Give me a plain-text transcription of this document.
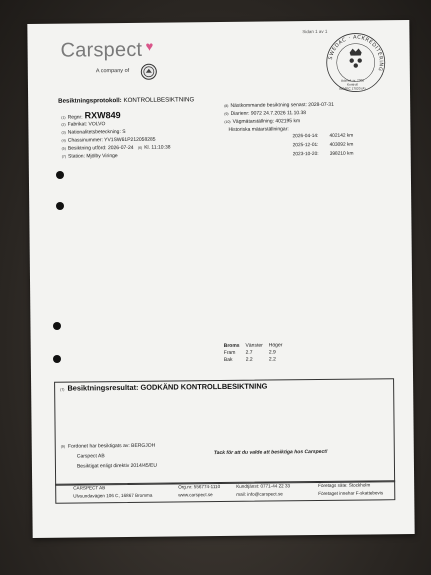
Sidan 1 av 1
Carspect ♥
A company of
SWEDAC · ACKREDITERING
Ackred. nr. 7002
Kontroll
ISO/IEC 17020 (A)
Besiktningsprotokoll: KONTROLLBESIKTNING
(1) Regnr: RXW849
(2) Fabrikat: VOLVO
(3) Nationalitetsbeteckning: S
(4) Chassinummer: YV1SW61P212058285
(5) Besiktning utförd: 2026-07-24 (6) Kl. 11:10:38
(7) Station: Mjölby Viringe
(8) Nästkommande besiktning senast: 2028-07-31
(9) Diarienr: 9072 24.7.2026 11.10.38
(10) Vägmätarställning: 402195 km
Historiska mätarställningar:
2026-04-14: 402142 km
2025-12-01: 403092 km
2023-10-20: 398210 km
Broms	Vänster	Höger
Fram	2.7	2.9
Bak	2.2	2.2
(7) Besiktningsresultat: GODKÄND KONTROLLBESIKTNING
(9) Fordonet har besiktigats av: BERGJOH
Carspect AB
Besiktigat enligt direktiv 2014/45/EU
Tack för att du valde att besiktiga hos Carspect!
CARSPECT AB
Ulvsundavägen 106 C, 16867 Bromma
Org.nr: 556774-1110
www.carspect.se
Kundtjänst: 0771-44 22 33
mail: info@carspect.se
Företags säte: Stockholm
Företaget innehar F-skattebevis
